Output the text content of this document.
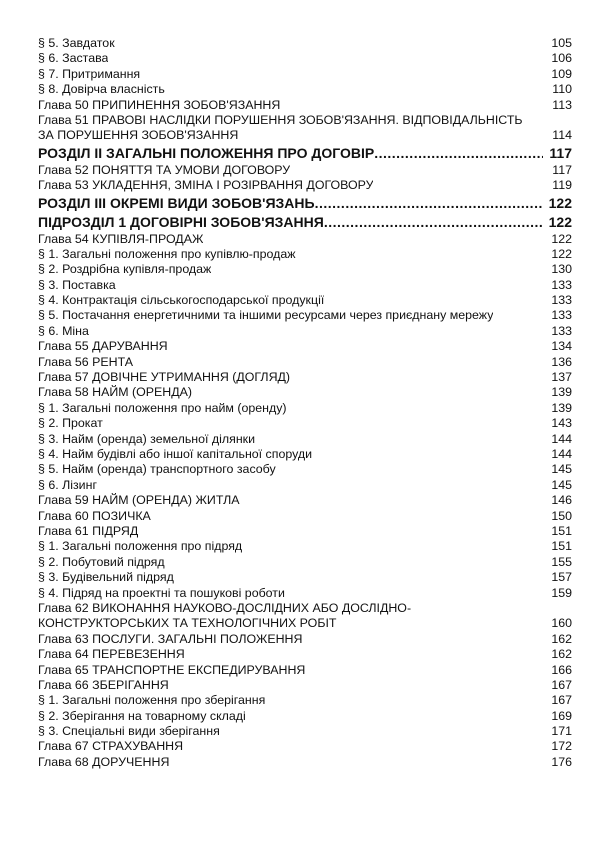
§ 5. Завдаток	105
§ 6. Застава	106
§ 7. Притримання	109
§ 8. Довірча власність	110
Глава 50 ПРИПИНЕННЯ ЗОБОВ'ЯЗАННЯ	113
Глава 51 ПРАВОВІ НАСЛІДКИ ПОРУШЕННЯ ЗОБОВ'ЯЗАННЯ. ВІДПОВІДАЛЬНІСТЬ ЗА ПОРУШЕННЯ ЗОБОВ'ЯЗАННЯ	114
РОЗДІЛ ІІ ЗАГАЛЬНІ ПОЛОЖЕННЯ ПРО ДОГОВІР .....	117
Глава 52 ПОНЯТТЯ ТА УМОВИ ДОГОВОРУ	117
Глава 53 УКЛАДЕННЯ, ЗМІНА І РОЗІРВАННЯ ДОГОВОРУ	119
РОЗДІЛ ІІІ ОКРЕМІ ВИДИ ЗОБОВ'ЯЗАНЬ .....	122
ПІДРОЗДІЛ 1 ДОГОВІРНІ ЗОБОВ'ЯЗАННЯ .....	122
Глава 54 КУПІВЛЯ-ПРОДАЖ	122
§ 1. Загальні положення про купівлю-продаж	122
§ 2. Роздрібна купівля-продаж	130
§ 3. Поставка	133
§ 4. Контрактація сільськогосподарської продукції	133
§ 5. Постачання енергетичними та іншими ресурсами через приєднану мережу	133
§ 6. Міна	133
Глава 55 ДАРУВАННЯ	134
Глава 56 РЕНТА	136
Глава 57 ДОВІЧНЕ УТРИМАННЯ (ДОГЛЯД)	137
Глава 58 НАЙМ (ОРЕНДА)	139
§ 1. Загальні положення про найм (оренду)	139
§ 2. Прокат	143
§ 3. Найм (оренда) земельної ділянки	144
§ 4. Найм будівлі або іншої капітальної споруди	144
§ 5. Найм (оренда) транспортного засобу	145
§ 6. Лізинг	145
Глава 59 НАЙМ (ОРЕНДА) ЖИТЛА	146
Глава 60 ПОЗИЧКА	150
Глава 61 ПІДРЯД	151
§ 1. Загальні положення про підряд	151
§ 2. Побутовий підряд	155
§ 3. Будівельний підряд	157
§ 4. Підряд на проектні та пошукові роботи	159
Глава 62 ВИКОНАННЯ НАУКОВО-ДОСЛІДНИХ АБО ДОСЛІДНО-КОНСТРУКТОРСЬКИХ ТА ТЕХНОЛОГІЧНИХ РОБІТ	160
Глава 63 ПОСЛУГИ. ЗАГАЛЬНІ ПОЛОЖЕННЯ	162
Глава 64 ПЕРЕВЕЗЕННЯ	162
Глава 65 ТРАНСПОРТНЕ ЕКСПЕДИРУВАННЯ	166
Глава 66 ЗБЕРІГАННЯ	167
§ 1. Загальні положення про зберігання	167
§ 2. Зберігання на товарному складі	169
§ 3. Спеціальні види зберігання	171
Глава 67 СТРАХУВАННЯ	172
Глава 68 ДОРУЧЕННЯ	176
